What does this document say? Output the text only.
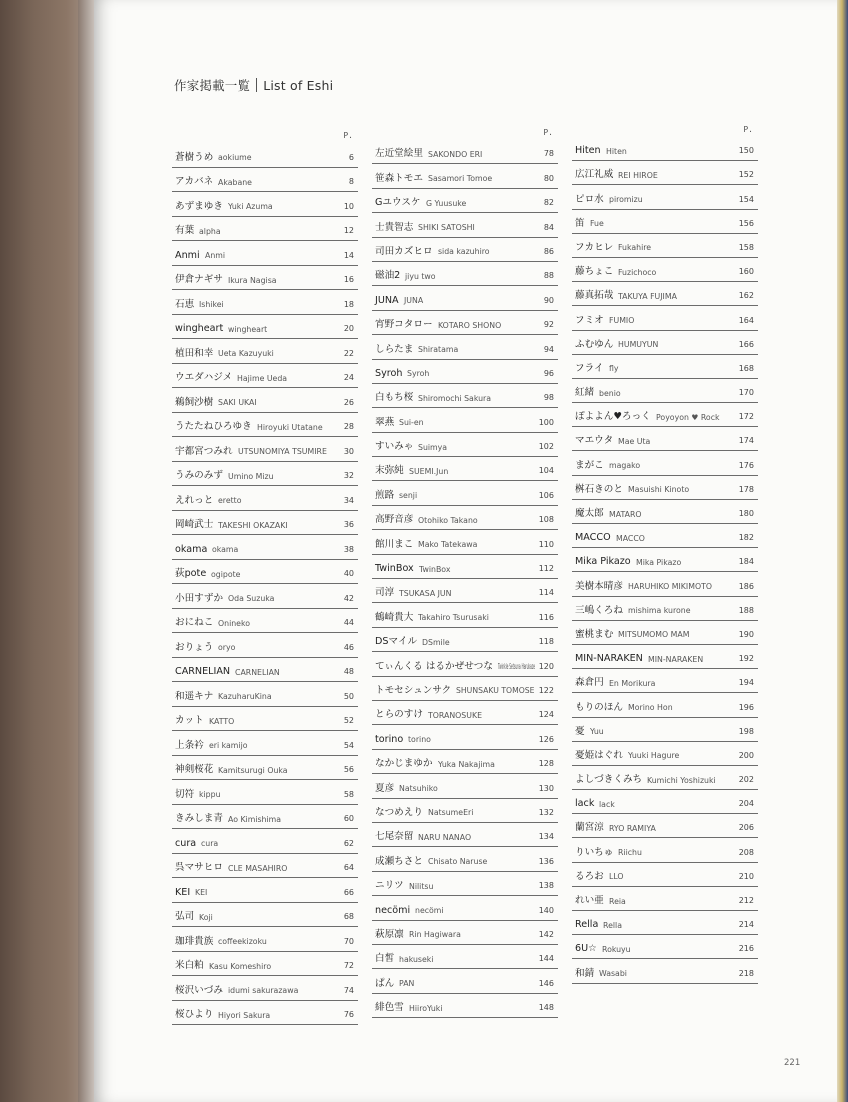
作家掲載一覧 List of Eshi
P.
蒼樹うめ aokiume	6
アカバネ Akabane	8
あずまゆき Yuki Azuma	10
有葉 alpha	12
Anmi Anmi	14
伊倉ナギサ Ikura Nagisa	16
石恵 Ishikei	18
wingheart wingheart	20
植田和幸 Ueta Kazuyuki	22
ウエダハジメ Hajime Ueda	24
鵜飼沙樹 SAKI UKAI	26
うたたねひろゆき Hiroyuki Utatane	28
宇都宮つみれ UTSUNOMIYA TSUMIRE 30
うみのみず Umino Mizu	32
えれっと eretto	34
岡崎武士 TAKESHI OKAZAKI	36
okama okama	38
荻pote ogipote	40
小田すずか Oda Suzuka	42
おにねこ Onineko	44
おりょう oryo	46
CARNELIAN CARNELIAN	48
和遥キナ KazuharuKina	50
カット KATTO	52
上条衿 eri kamijo	54
神剣桜花 Kamitsurugi Ouka	56
切符 kippu	58
きみしま青 Ao Kimishima	60
cura cura	62
呉マサヒロ CLE MASAHIRO	64
KEI KEI	66
弘司 Koji	68
珈琲貴族 coffeekizoku	70
米白粕 Kasu Komeshiro	72
桜沢いづみ idumi sakurazawa	74
桜ひより Hiyori Sakura	76
P.
左近堂絵里 SAKONDO ERI	78
笹森トモエ Sasamori Tomoe	80
Gユウスケ G Yuusuke	82
士貴智志 SHIKI SATOSHI	84
司田カズヒロ sida kazuhiro	86
磁油2 jiyu two	88
JUNA JUNA	90
宵野コタロー KOTARO SHONO	92
しらたま Shiratama	94
Syroh Syroh	96
白もち桜 Shiromochi Sakura	98
翠燕 Sui-en	100
すいみゃ Suimya	102
末弥純 SUEMI.Jun	104
煎路 senji	106
高野音彦 Otohiko Takano	108
館川まこ Mako Tatekawa	110
TwinBox TwinBox	112
司淳 TSUKASA JUN	114
鶴崎貴大 Takahiro Tsurusaki	116
DSマイル DSmile	118
てぃんくる はるかぜせつな Twinkle Setsuna Harukaze 120
トモセシュンサク SHUNSAKU TOMOSE 122
とらのすけ TORANOSUKE	124
torino torino	126
なかじまゆか Yuka Nakajima	128
夏彦 Natsuhiko	130
なつめえり NatsumeEri	132
七尾奈留 NARU NANAO	134
成瀬ちさと Chisato Naruse	136
ニリツ Nilitsu	138
necömi necömi	140
萩原凛 Rin Hagiwara	142
白皙 hakuseki	144
ぱん PAN	146
緋色雪 HiiroYuki	148
P.
Hiten Hiten	150
広江礼威 REI HIROE	152
ピロ水 piromizu	154
笛 Fue	156
フカヒレ Fukahire	158
藤ちょこ Fuzichoco	160
藤真拓哉 TAKUYA FUJIMA	162
フミオ FUMIO	164
ふむゆん HUMUYUN	166
フライ fly	168
紅緒 benio	170
ぽよよん♥ろっく Poyoyon ♥ Rock 172
マエウタ Mae Uta	174
まがこ magako	176
桝石きのと Masuishi Kinoto	178
魔太郎 MATARO	180
MACCO MACCO	182
Mika Pikazo Mika Pikazo	184
美樹本晴彦 HARUHIKO MIKIMOTO	186
三嶋くろね mishima kurone	188
蜜桃まむ MITSUMOMO MAM	190
MIN-NARAKEN MIN-NARAKEN	192
森倉円 En Morikura	194
もりのほん Morino Hon	196
憂 Yuu	198
憂姫はぐれ Yuuki Hagure	200
よしづきくみち Kumichi Yoshizuki	202
lack lack	204
蘭宮涼 RYO RAMIYA	206
りいちゅ Riichu	208
るろお LLO	210
れい亜 Reia	212
Rella Rella	214
6U☆ Rokuyu	216
和錆 Wasabi	218
221
